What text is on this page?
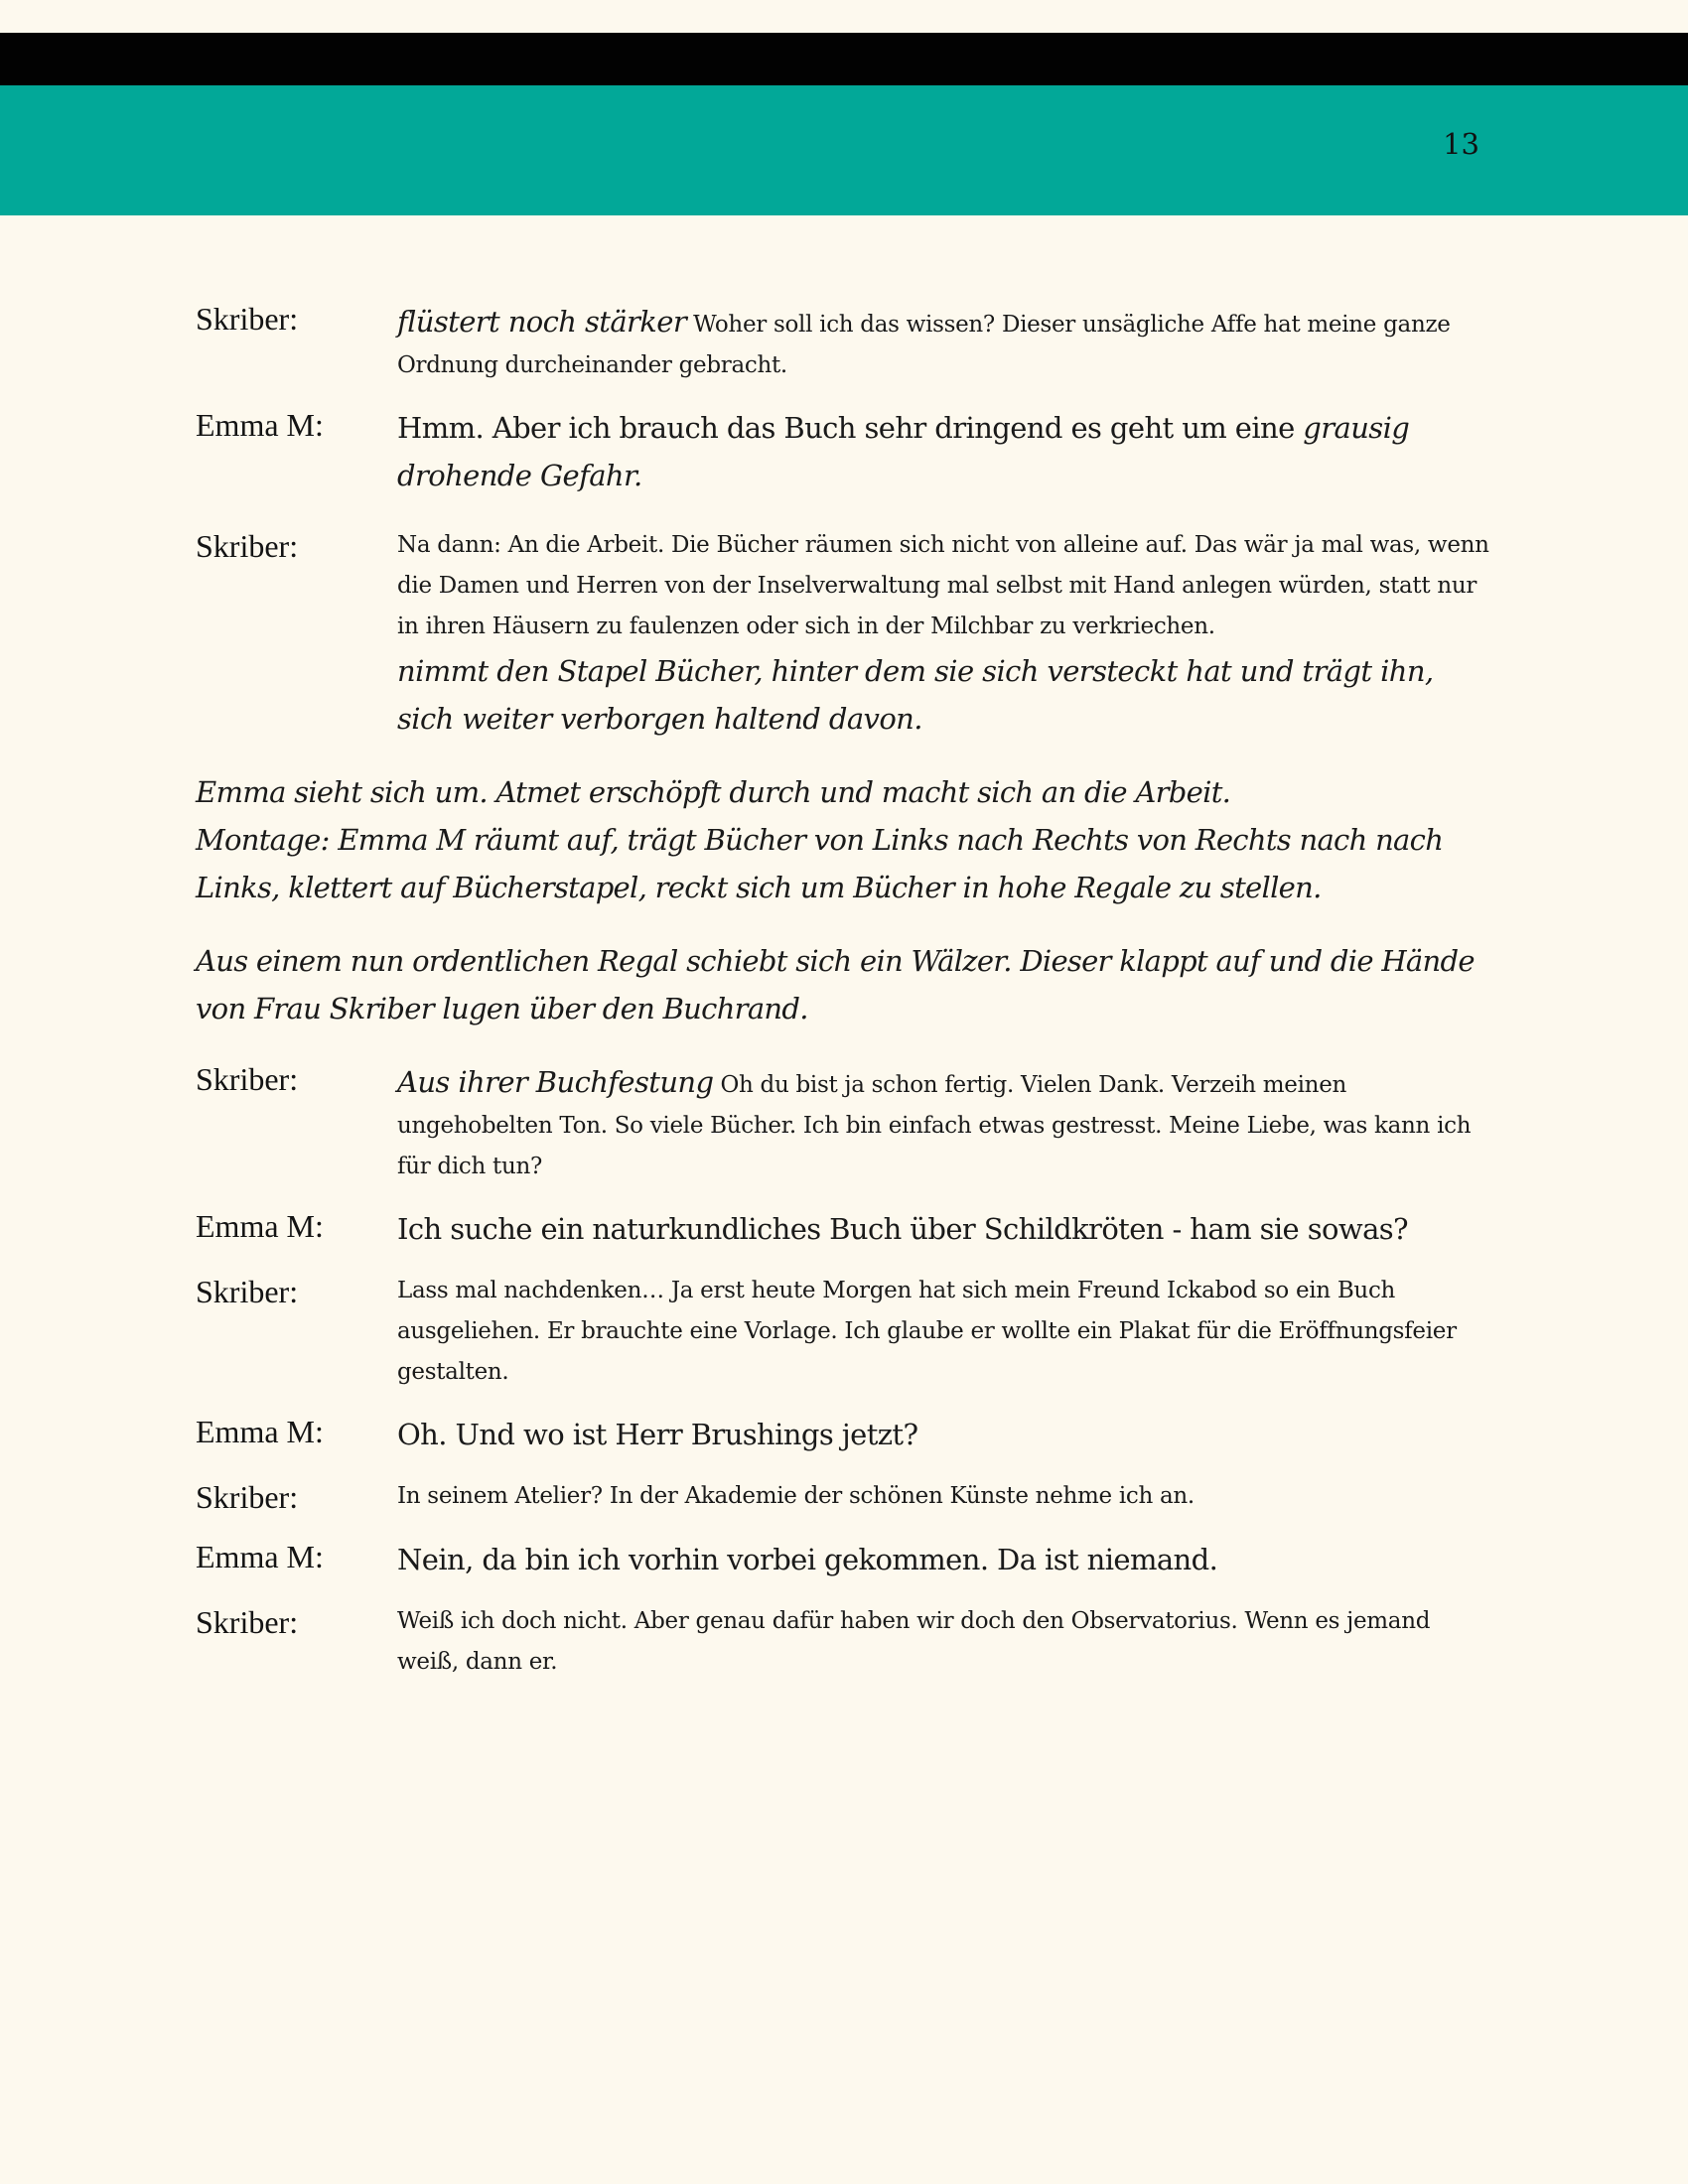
13
Skriber:	flüstert noch stärker Woher soll ich das wissen? Dieser unsägliche Affe hat meine ganze Ordnung durcheinander gebracht.
Emma M:	Hmm. Aber ich brauch das Buch sehr dringend es geht um eine grausig drohende Gefahr.
Skriber:	Na dann: An die Arbeit. Die Bücher räumen sich nicht von alleine auf. Das wär ja mal was, wenn die Damen und Herren von der Inselverwaltung mal selbst mit Hand anlegen würden, statt nur in ihren Häusern zu faulenzen oder sich in der Milchbar zu verkriechen.
nimmt den Stapel Bücher, hinter dem sie sich versteckt hat und trägt ihn, sich weiter verborgen haltend davon.
Emma sieht sich um. Atmet erschöpft durch und macht sich an die Arbeit.
Montage: Emma M räumt auf, trägt Bücher von Links nach Rechts von Rechts nach nach Links, klettert auf Bücherstapel, reckt sich um Bücher in hohe Regale zu stellen.
Aus einem nun ordentlichen Regal schiebt sich ein Wälzer. Dieser klappt auf und die Hände von Frau Skriber lugen über den Buchrand.
Skriber:	Aus ihrer Buchfestung Oh du bist ja schon fertig. Vielen Dank. Verzeih meinen ungehobelten Ton. So viele Bücher. Ich bin einfach etwas gestresst. Meine Liebe, was kann ich für dich tun?
Emma M:	Ich suche ein naturkundliches Buch über Schildkröten - ham sie sowas?
Skriber:	Lass mal nachdenken… Ja erst heute Morgen hat sich mein Freund Ickabod so ein Buch ausgeliehen. Er brauchte eine Vorlage. Ich glaube er wollte ein Plakat für die Eröffnungsfeier gestalten.
Emma M:	Oh. Und wo ist Herr Brushings jetzt?
Skriber:	In seinem Atelier? In der Akademie der schönen Künste nehme ich an.
Emma M:	Nein, da bin ich vorhin vorbei gekommen. Da ist niemand.
Skriber:	Weiß ich doch nicht. Aber genau dafür haben wir doch den Observatorius. Wenn es jemand weiß, dann er.
